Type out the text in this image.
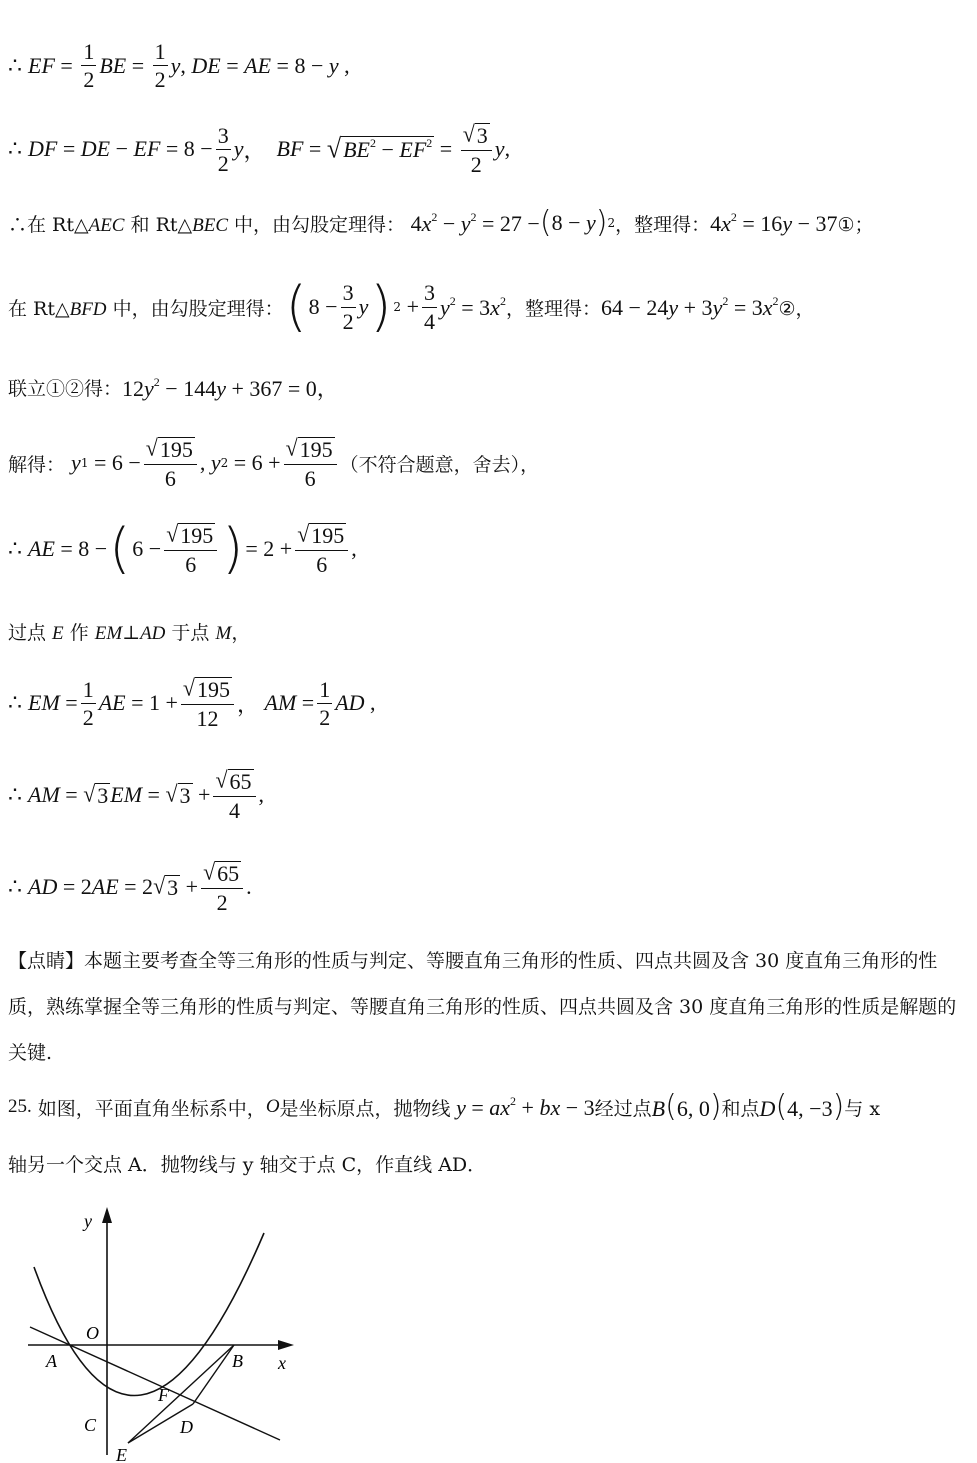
∴ EF = $\frac{1}{2}$ BE = $\frac{1}{2}$ y , DE = AE = 8 − y ,
∴ DF = DE − EF = $8 - \frac{3}{2}$ y ， BF = √ $BE^2 - EF^2 = \frac{√ 3}{2}$ y ,
∴在 Rt△AEC 和 Rt△BEC 中，由勾股定理得： $4x^2 - y^2 = 27$ − ( 8 − y ) 2 ，整理得： $4x^2 = 16y - 37$ ①；
在 Rt△BFD 中，由勾股定理得： ( $8 - \frac{3}{2}$ y ) $2 + \frac{3}{4} y^2 = 3x^2$ ，整理得： $64 - 24y + 3y^2 = 3x^2$ ②，
联立①②得： $12y^2 - 144y + 367 = 0$，
解得： y $1 = 6 - \frac{√ 195}{6}$ , y $2 = 6 + \frac{√ 195}{6}$ （不符合题意，舍去），
∴ AE = 8 − ( $6 - \frac{√ 195}{6}$ ) = $2 + \frac{√ 195}{6}$ ,
过点 E 作 EM⊥AD 于点 M，
∴ EM = $\frac{1}{2}$ AE = $1 + \frac{√ 195}{12}$ ， AM = $\frac{1}{2}$ AD ,
∴ AM = √ 3 EM = √ $3 + \frac{√ 65}{4}$ ,
∴ AD = 2AE = 2 √ $3 + \frac{√ 65}{2}$ .
【点睛】本题主要考查全等三角形的性质与判定、等腰直角三角形的性质、四点共圆及含 30 度直角三角形的性质，熟练掌握全等三角形的性质与判定、等腰直角三角形的性质、四点共圆及含 30 度直角三角形的性质是解题的关键.
25.
如图，平面直角坐标系中， O 是坐标原点，抛物线 $y = ax^2$ + bx − 3 经过点 B(6, 0) 和点 D(4, −3) 与 x
轴另一个交点 A．抛物线与 y 轴交于点 C，作直线 AD．
y
x
O
A	B
F
C	D
E
